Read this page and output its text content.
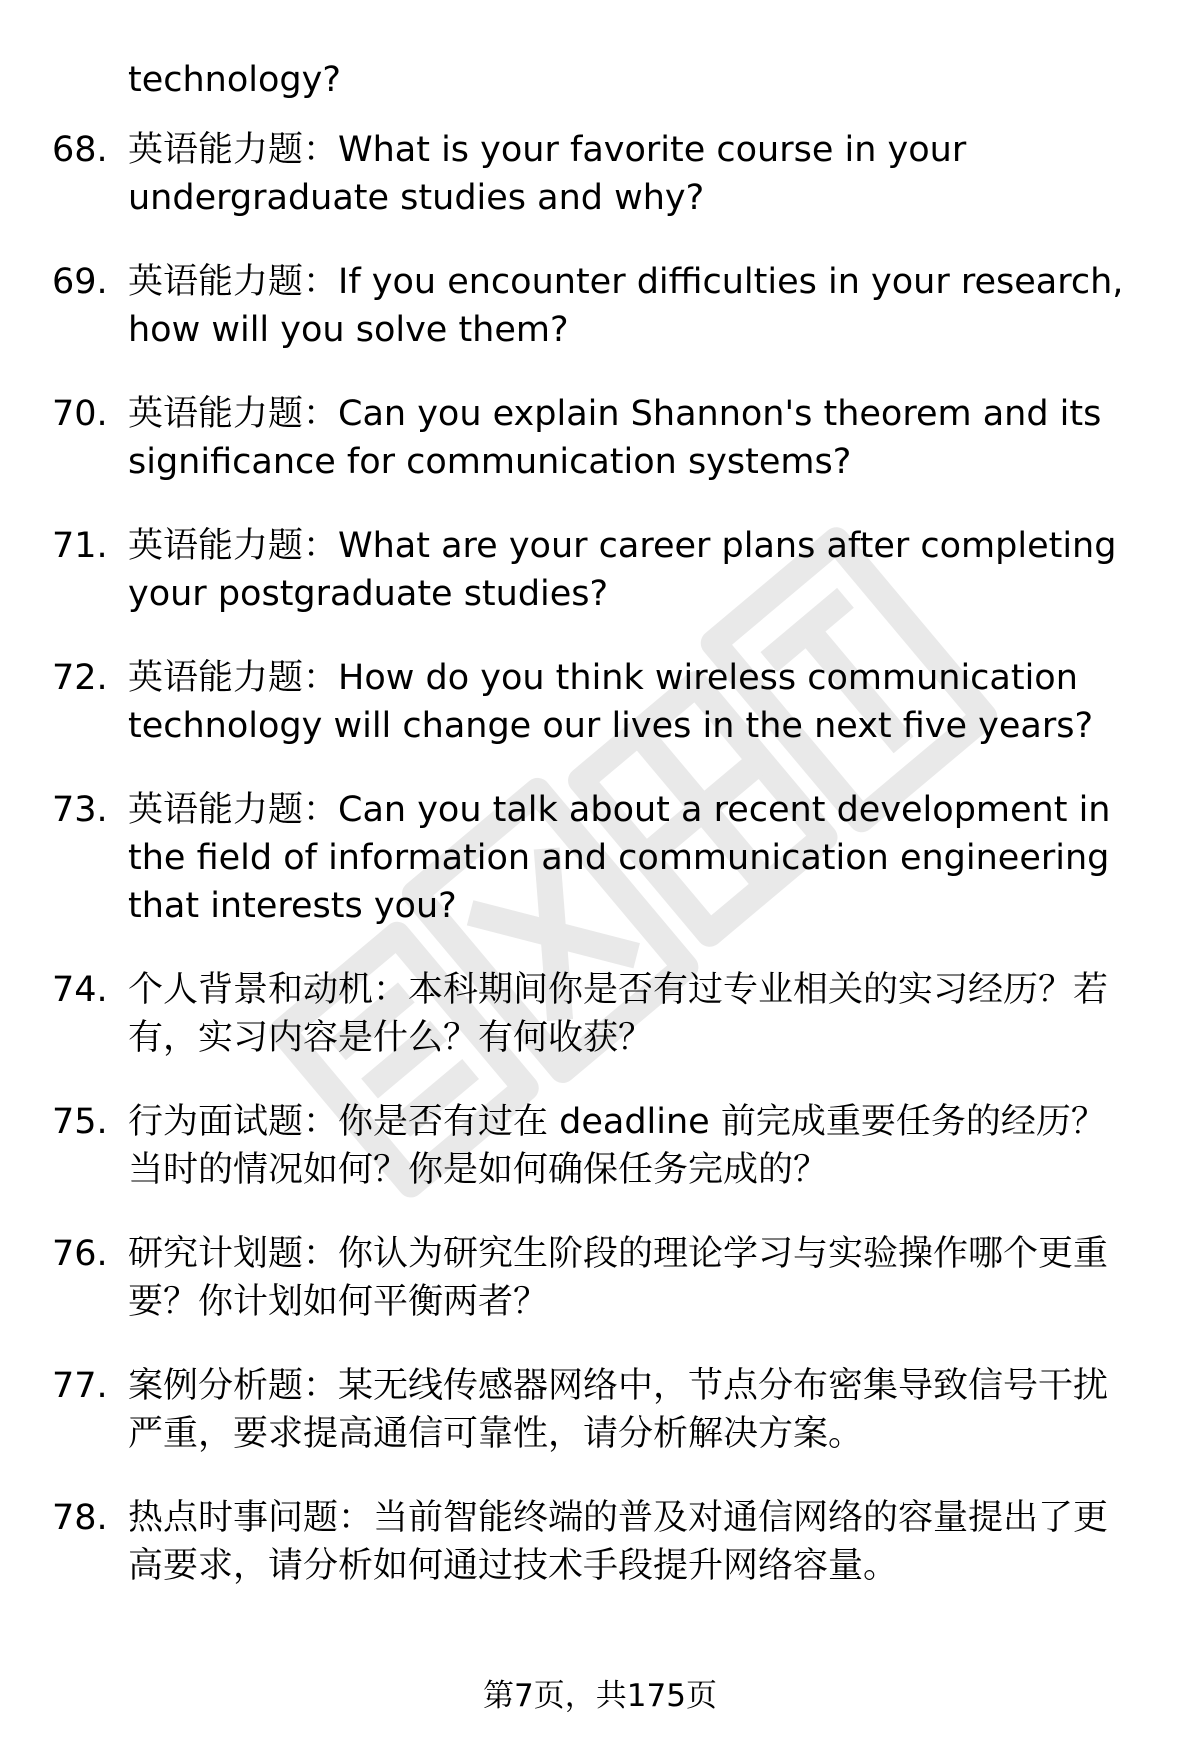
technology?
68. 英语能力题：What is your favorite course in your
undergraduate studies and why?
69. 英语能力题：If you encounter difficulties in your research,
how will you solve them?
70. 英语能力题：Can you explain Shannon's theorem and its
significance for communication systems?
71. 英语能力题：What are your career plans after completing
your postgraduate studies?
72. 英语能力题：How do you think wireless communication
technology will change our lives in the next five years?
73. 英语能力题：Can you talk about a recent development in
the field of information and communication engineering
that interests you?
74. 个人背景和动机：本科期间你是否有过专业相关的实习经历？若
有，实习内容是什么？有何收获？
75. 行为面试题：你是否有过在 deadline 前完成重要任务的经历？
当时的情况如何？你是如何确保任务完成的？
76. 研究计划题：你认为研究生阶段的理论学习与实验操作哪个更重
要？你计划如何平衡两者？
77. 案例分析题：某无线传感器网络中，节点分布密集导致信号干扰
严重，要求提高通信可靠性，请分析解决方案。
78. 热点时事问题：当前智能终端的普及对通信网络的容量提出了更
高要求，请分析如何通过技术手段提升网络容量。
第7页，共175页
